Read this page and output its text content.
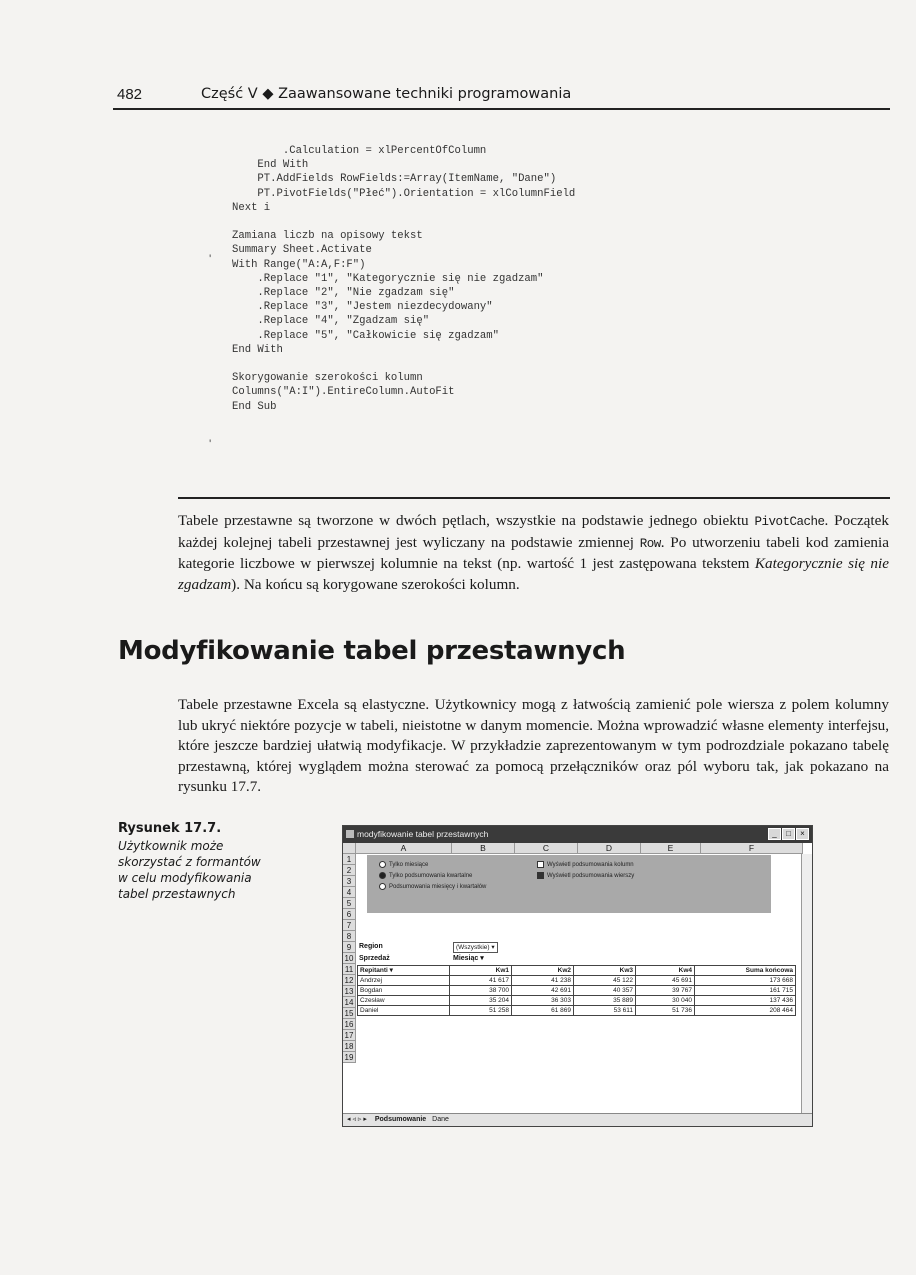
482	Część V ◆ Zaawansowane techniki programowania
'
'
.Calculation = xlPercentOfColumn
End With
PT.AddFields RowFields:=Array(ItemName, "Dane")
PT.PivotFields("Płeć").Orientation = xlColumnField
Next i
Zamiana liczb na opisowy tekst
Summary Sheet.Activate
With Range("A:A,F:F")
.Replace "1", "Kategorycznie się nie zgadzam"
.Replace "2", "Nie zgadzam się"
.Replace "3", "Jestem niezdecydowany"
.Replace "4", "Zgadzam się"
.Replace "5", "Całkowicie się zgadzam"
End With
Skorygowanie szerokości kolumn
Columns("A:I").EntireColumn.AutoFit
End Sub

Tabele przestawne są tworzone w dwóch pętlach, wszystkie na podstawie jednego obiektu PivotCache. Początek każdej kolejnej tabeli przestawnej jest wyliczany na podstawie zmiennej Row. Po utworzeniu tabeli kod zamienia kategorie liczbowe w pierwszej kolumnie na tekst (np. wartość 1 jest zastępowana tekstem Kategorycznie się nie zgadzam). Na końcu są korygowane szerokości kolumn.

Modyfikowanie tabel przestawnych

Tabele przestawne Excela są elastyczne. Użytkownicy mogą z łatwością zamienić pole wiersza z polem kolumny lub ukryć niektóre pozycje w tabeli, nieistotne w danym momencie. Można wprowadzić własne elementy interfejsu, które jeszcze bardziej ułatwią modyfikacje. W przykładzie zaprezentowanym w tym podrozdziale pokazano tabelę przestawną, której wyglądem można sterować za pomocą przełączników oraz pól wyboru tak, jak pokazano na rysunku 17.7.

Rysunek 17.7.
Użytkownik może skorzystać z formantów w celu modyfikowania tabel przestawnych
modyfikowanie tabel przestawnych	_	□	×
A	B	C	D	E	F
1
2
3
4
5
6
7
8
9
10
11
12
13
14
15
16
17
18
19
Tylko miesiące
Tylko podsumowania kwartalne
Podsumowania miesięcy i kwartałów
Wyświetl podsumowania kolumn
Wyświetl podsumowania wierszy
Region	(Wszystkie) ▾
Sprzedaż	Miesiąc ▾
Repitanti ▾	Kw1	Kw2	Kw3	Kw4	Suma końcowa
Andrzej	41 617	41 238	45 122	45 691	173 668
Bogdan	38 700	42 691	40 357	39 767	161 715
Czesław	35 204	36 303	35 889	30 040	137 436
Daniel	51 258	61 869	53 611	51 736	208 464
◂ ◃ ▹ ▸ Podsumowanie Dane
